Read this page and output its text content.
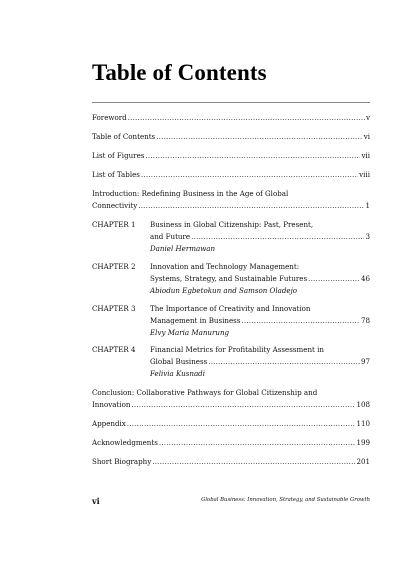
Table of Contents
Foreword .....	v
Table of Contents .....	vi
List of Figures .....	vii
List of Tables .....	viii
Introduction: Redefining Business in the Age of Global
Connectivity .....	1
CHAPTER 1 Business in Global Citizenship: Past, Present,
and Future .....	3
Daniel Hermawan
CHAPTER 2 Innovation and Technology Management:
Systems, Strategy, and Sustainable Futures .....	46
Abiodun Egbetokun and Samson Oladejo
CHAPTER 3 The Importance of Creativity and Innovation
Management in Business .....	78
Elvy Maria Manurung
CHAPTER 4 Financial Metrics for Profitability Assessment in
Global Business .....	97
Felivia Kusnadi
Conclusion: Collaborative Pathways for Global Citizenship and
Innovation .....	108
Appendix .....	110
Acknowledgments .....	199
Short Biography .....	201
vi	Global Business: Innovation, Strategy, and Sustainable Growth
